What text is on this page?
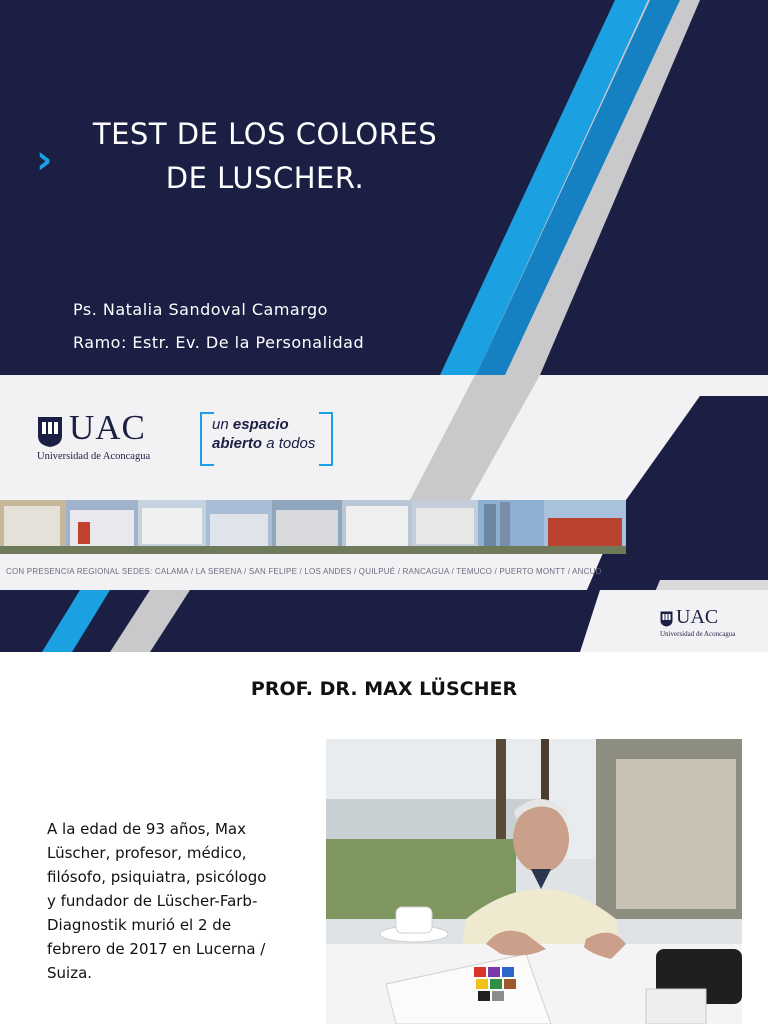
›
TEST DE LOS COLORES
DE LUSCHER.
Ps. Natalia Sandoval Camargo
Ramo: Estr. Ev. De la Personalidad
UAC
Universidad de Aconcagua
un espacio
abierto a todos
CON PRESENCIA REGIONAL SEDES: CALAMA / LA SERENA / SAN FELIPE / LOS ANDES / QUILPUÉ / RANCAGUA / TEMUCO / PUERTO MONTT / ANCUD
UAC
Universidad de Aconcagua
PROF. DR. MAX LÜSCHER
A la edad de 93 años, Max Lüscher, profesor, médico, filósofo, psiquiatra, psicólogo y fundador de Lüscher-Farb-Diagnostik murió el 2 de febrero de 2017 en Lucerna / Suiza.
